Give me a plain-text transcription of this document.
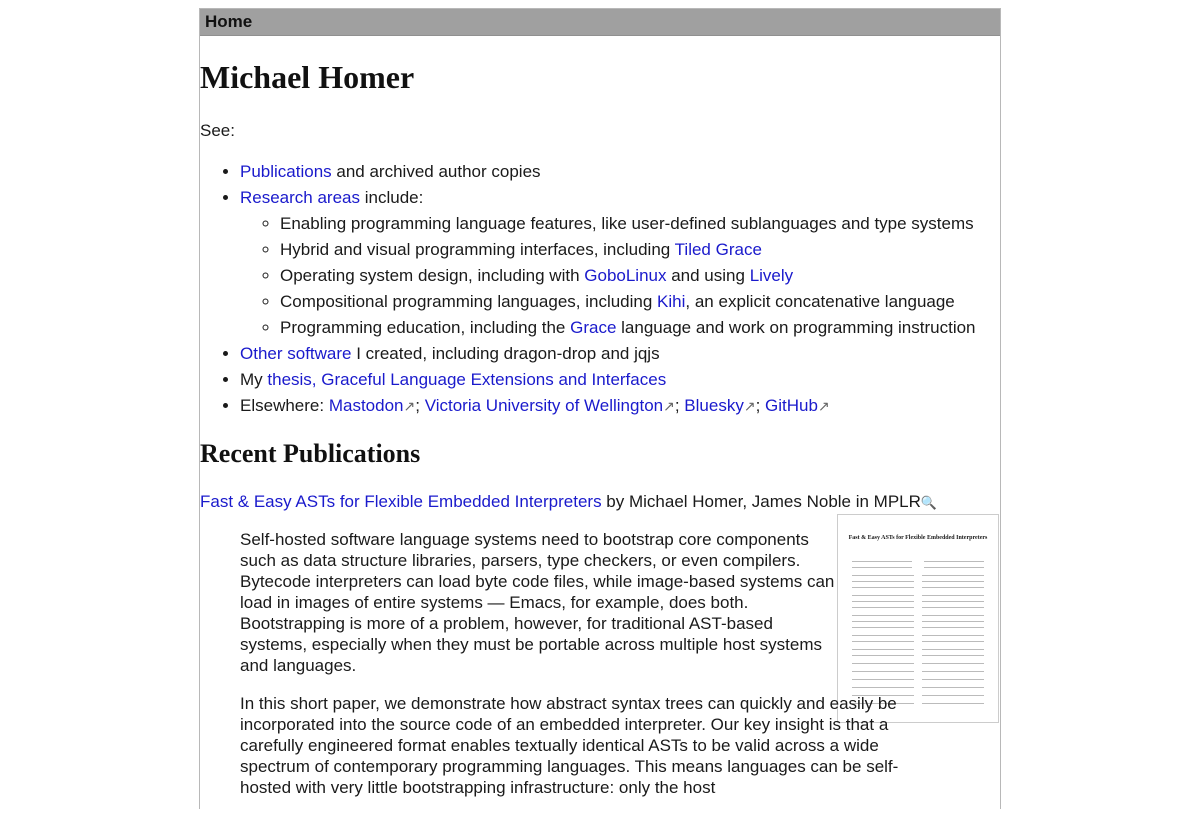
Home
Michael Homer
See:
• Publications and archived author copies
• Research areas include:
◦ Enabling programming language features, like user-defined sublanguages and type systems
◦ Hybrid and visual programming interfaces, including Tiled Grace
◦ Operating system design, including with GoboLinux and using Lively
◦ Compositional programming languages, including Kihi, an explicit concatenative language
◦ Programming education, including the Grace language and work on programming instruction
• Other software I created, including dragon-drop and jqjs
• My thesis, Graceful Language Extensions and Interfaces
• Elsewhere: Mastodon↗; Victoria University of Wellington↗; Bluesky↗; GitHub↗
Recent Publications
Fast & Easy ASTs for Flexible Embedded Interpreters by Michael Homer, James Noble in MPLR🔍
Fast & Easy ASTs for Flexible Embedded Interpreters

Self-hosted software language systems need to bootstrap core components such as data structure libraries, parsers, type checkers, or even compilers. Bytecode interpreters can load byte code files, while image-based systems can load in images of entire systems — Emacs, for example, does both. Bootstrapping is more of a problem, however, for traditional AST-based systems, especially when they must be portable across multiple host systems and languages.

In this short paper, we demonstrate how abstract syntax trees can quickly and easily be incorporated into the source code of an embedded interpreter. Our key insight is that a carefully engineered format enables textually identical ASTs to be valid across a wide spectrum of contemporary programming languages. This means languages can be self-hosted with very little bootstrapping infrastructure: only the host
